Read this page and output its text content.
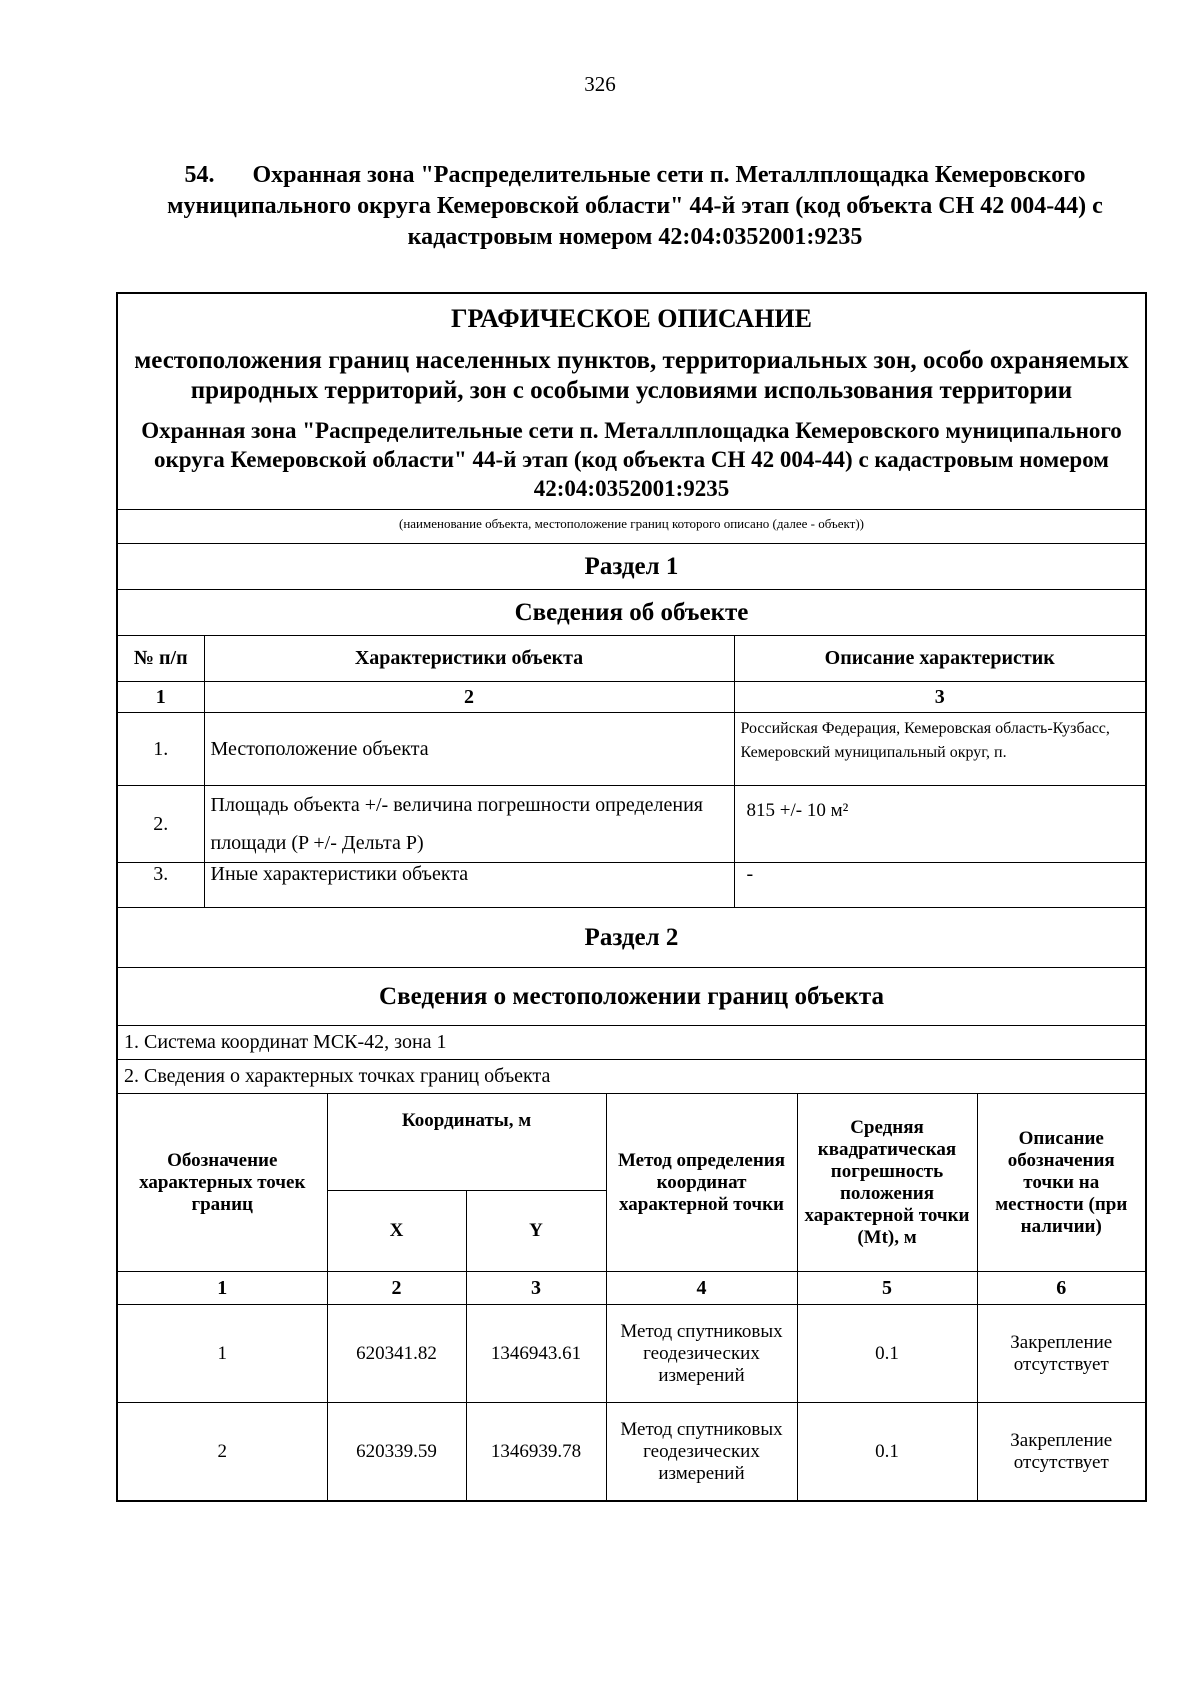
326
54. Охранная зона "Распределительные сети п. Металлплощадка Кемеровского муниципального округа Кемеровской области" 44-й этап (код объекта СН 42 004-44) с кадастровым номером 42:04:0352001:9235
ГРАФИЧЕСКОЕ ОПИСАНИЕ
местоположения границ населенных пунктов, территориальных зон, особо охраняемых природных территорий, зон с особыми условиями использования территории
Охранная зона "Распределительные сети п. Металлплощадка Кемеровского муниципального округа Кемеровской области" 44-й этап (код объекта СН 42 004-44) с кадастровым номером 42:04:0352001:9235
(наименование объекта, местоположение границ которого описано (далее - объект))
Раздел 1
Сведения об объекте
№ п/п	Характеристики объекта	Описание характеристик
1	2	3
1.	Местоположение объекта	Российская Федерация, Кемеровская область-Кузбасс, Кемеровский муниципальный округ, п.

2.	Площадь объекта +/- величина погрешности определения площади (P +/- Дельта P)	815 +/- 10 м²
3.	Иные характеристики объекта	-
Раздел 2
Сведения о местоположении границ объекта
1. Система координат МСК-42, зона 1
2. Сведения о характерных точках границ объекта
Обозначение характерных точек границ	Координаты, м		Метод определения координат характерной точки	Средняя квадратическая погрешность положения характерной точки (Mt), м	Описание обозначения точки на местности (при наличии)
	X	Y			
1	2	3	4	5	6
1	620341.82	1346943.61	Метод спутниковых геодезических измерений	0.1	Закрепление отсутствует
2	620339.59	1346939.78	Метод спутниковых геодезических измерений	0.1	Закрепление отсутствует
